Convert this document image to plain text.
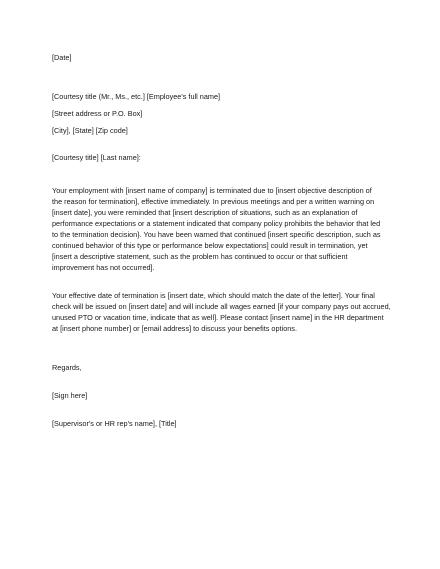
[Date]
[Courtesy title (Mr., Ms., etc.] [Employee's full name]
[Street address or P.O. Box]
[City], [State] [Zip code]
[Courtesy title] [Last name]:
Your employment with [insert name of company] is terminated due to [insert objective description of
the reason for termination], effective immediately. In previous meetings and per a written warning on
[insert date], you were reminded that [insert description of situations, such as an explanation of
performance expectations or a statement indicated that company policy prohibits the behavior that led
to the termination decision}. You have been warned that continued [insert specific description, such as
continued behavior of this type or performance below expectations] could result in termination, yet
[insert a descriptive statement, such as the problem has continued to occur or that sufficient
improvement has not occurred].
Your effective date of termination is [insert date, which should match the date of the letter]. Your final
check will be issued on [insert date] and will include all wages earned [if your company pays out accrued,
unused PTO or vacation time, indicate that as well]. Please contact [insert name] in the HR department
at [insert phone number] or [email address] to discuss your benefits options.
Regards,
[Sign here]
[Supervisor's or HR rep's name], [Title]
